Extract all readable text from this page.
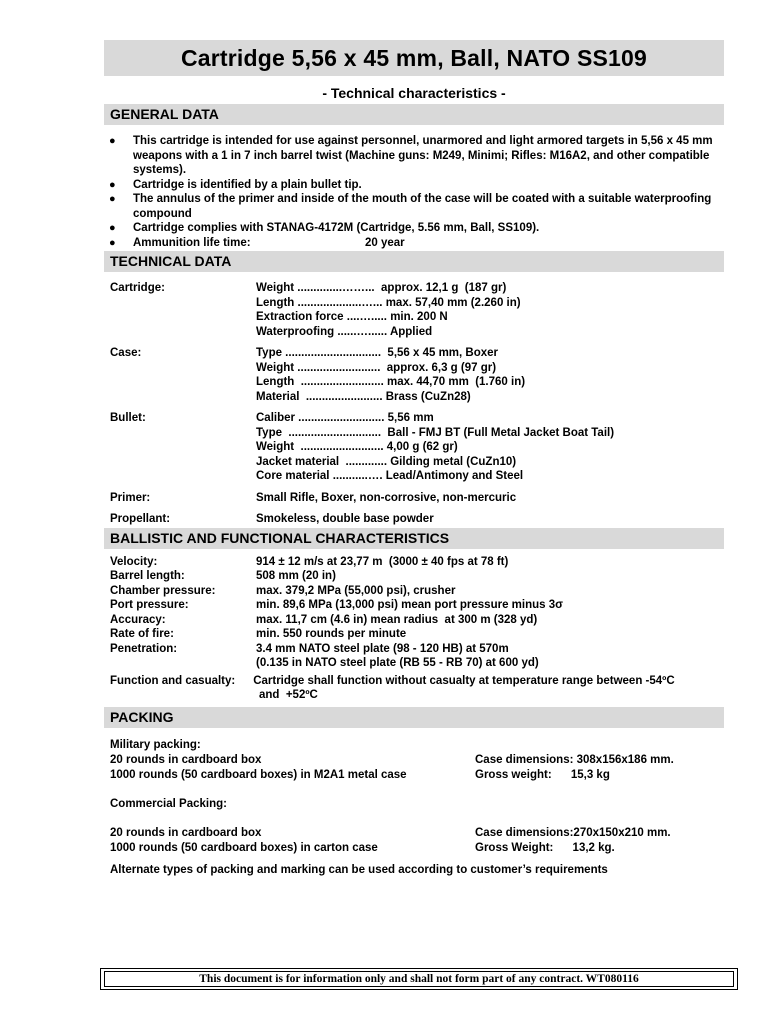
Cartridge 5,56 x 45 mm, Ball, NATO SS109
- Technical characteristics -
GENERAL DATA
● This cartridge is intended for use against personnel, unarmored and light armored targets in 5,56 x 45 mm weapons with a 1 in 7 inch barrel twist (Machine guns: M249, Minimi; Rifles: M16A2, and other compatible systems).
● Cartridge is identified by a plain bullet tip.
● The annulus of the primer and inside of the mouth of the case will be coated with a suitable waterproofing compound
● Cartridge complies with STANAG-4172M (Cartridge, 5.56 mm, Ball, SS109).
● Ammunition life time:	20 year
TECHNICAL DATA
Cartridge:	Weight ..............……...  approx. 12,1 g  (187 gr)
Length ....................…... max. 57,40 mm (2.260 in)
Extraction force ....…..... min. 200 N
Waterproofing ......…...... Applied
Case:	Type ..............................  5,56 x 45 mm, Boxer
Weight ..........................  approx. 6,3 g (97 gr)
Length  .......................... max. 44,70 mm  (1.760 in)
Material  ........................ Brass (CuZn28)
Bullet:	Caliber ........................... 5,56 mm
Type  .............................  Ball - FMJ BT (Full Metal Jacket Boat Tail)
Weight  .......................... 4,00 g (62 gr)
Jacket material  ............. Gilding metal (CuZn10)
Core material ...........…. Lead/Antimony and Steel
Primer:	Small Rifle, Boxer, non-corrosive, non-mercuric
Propellant:	Smokeless, double base powder
BALLISTIC AND FUNCTIONAL CHARACTERISTICS
Velocity:	914 ± 12 m/s at 23,77 m  (3000 ± 40 fps at 78 ft)
Barrel length:	508 mm (20 in)
Chamber pressure:	max. 379,2 MPa (55,000 psi), crusher
Port pressure:	min. 89,6 MPa (13,000 psi) mean port pressure minus 3σ
Accuracy:	max. 11,7 cm (4.6 in) mean radius  at 300 m (328 yd)
Rate of fire:	min. 550 rounds per minute
Penetration:	3.4 mm NATO steel plate (98 - 120 HB) at 570m
(0.135 in NATO steel plate (RB 55 - RB 70) at 600 yd)
Function and casualty: Cartridge shall function without casualty at temperature range between -54ºC
and  +52ºC
PACKING
Military packing:
20 rounds in cardboard box	Case dimensions: 308x156x186 mm.
1000 rounds (50 cardboard boxes) in M2A1 metal case	Gross weight:      15,3 kg
Commercial Packing:
20 rounds in cardboard box	Case dimensions:270x150x210 mm.
1000 rounds (50 cardboard boxes) in carton case	Gross Weight:      13,2 kg.
Alternate types of packing and marking can be used according to customer’s requirements
This document is for information only and shall not form part of any contract. WT080116
